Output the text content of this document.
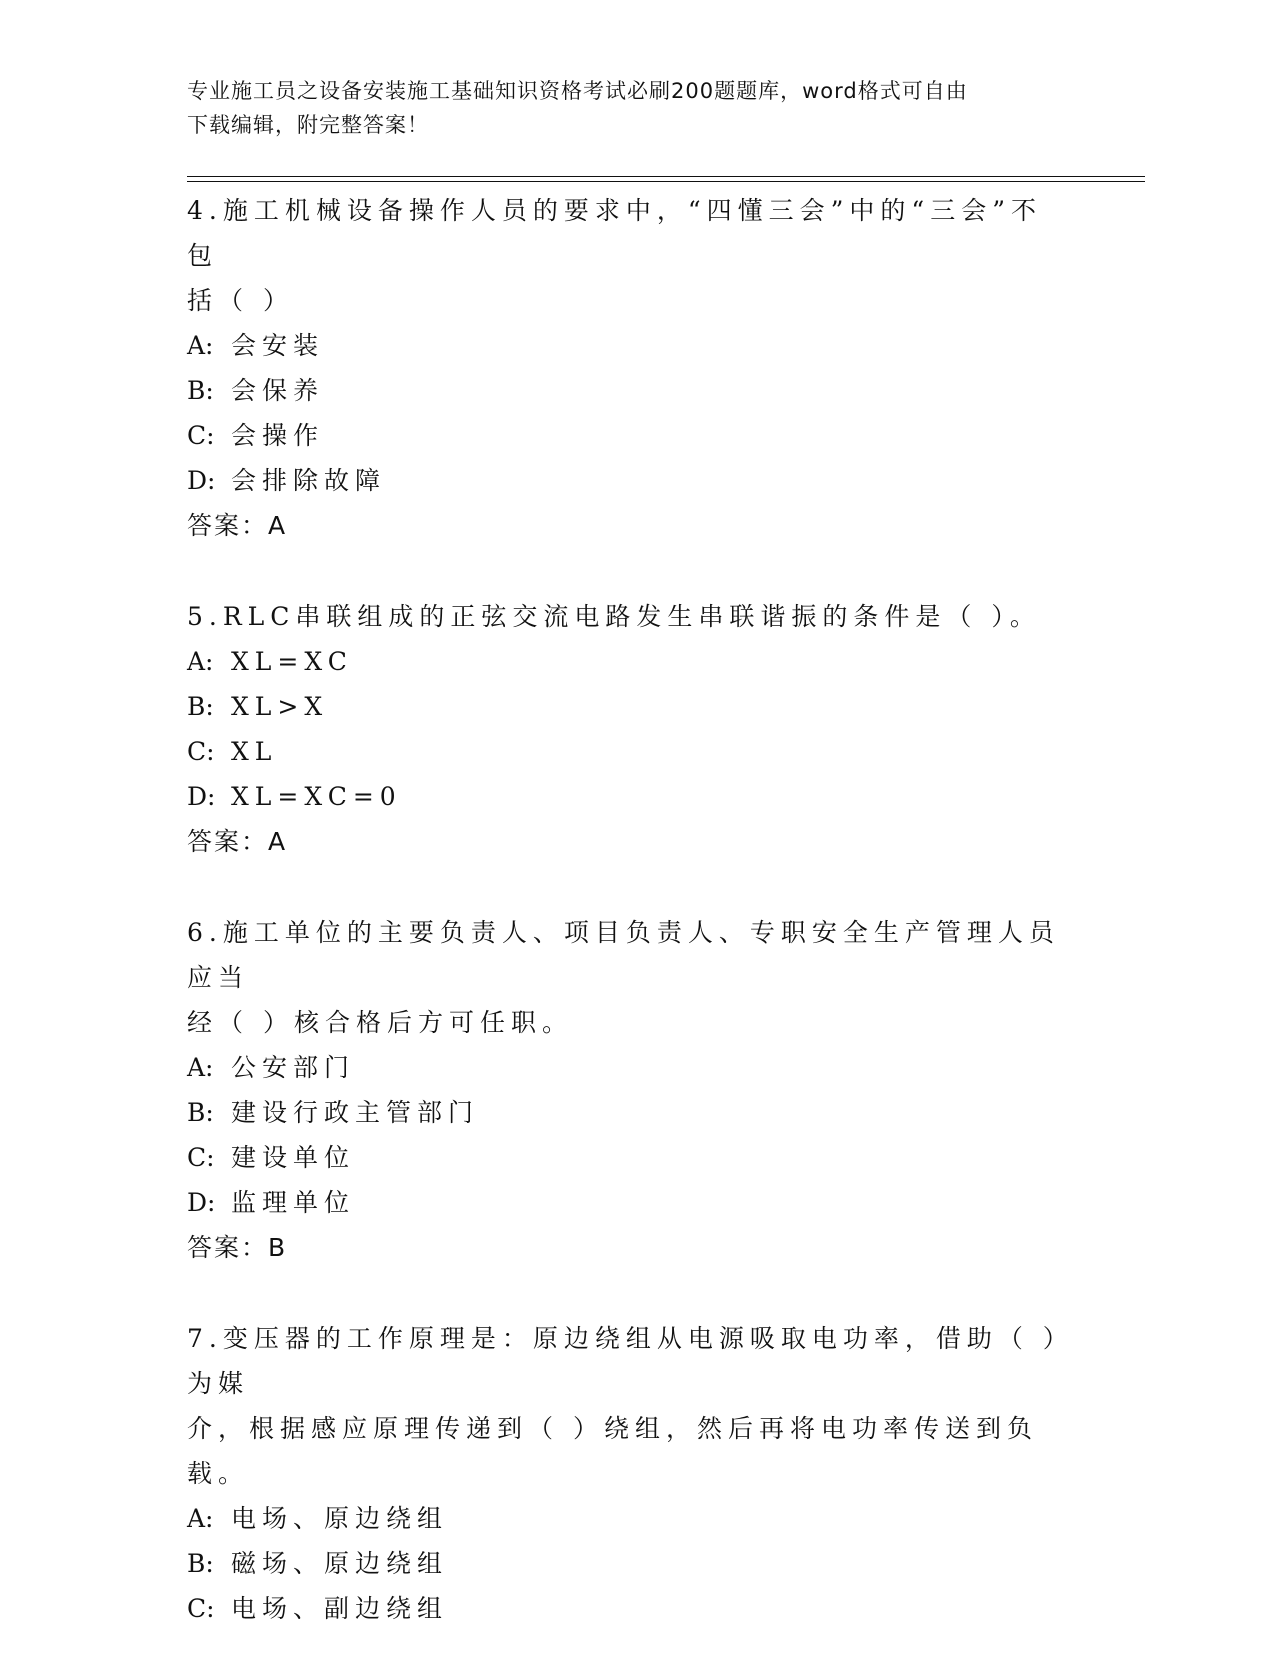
专业施工员之设备安装施工基础知识资格考试必刷200题题库，word格式可自由
下载编辑，附完整答案！

4.施工机械设备操作人员的要求中，“四懂三会”中的“三会”不包
括（ ）

A: 会安装
B: 会保养
C: 会操作
D: 会排除故障
答案：A

5.RLC串联组成的正弦交流电路发生串联谐振的条件是（ ）。

A: XL=XC
B: XL>X
C: XL
D: XL=XC=0
答案：A

6.施工单位的主要负责人、项目负责人、专职安全生产管理人员应当
经（ ）核合格后方可任职。

A: 公安部门
B: 建设行政主管部门
C: 建设单位
D: 监理单位
答案：B

7.变压器的工作原理是：原边绕组从电源吸取电功率，借助（ ）为媒
介，根据感应原理传递到（ ）绕组，然后再将电功率传送到负载。

A: 电场、原边绕组
B: 磁场、原边绕组
C: 电场、副边绕组
